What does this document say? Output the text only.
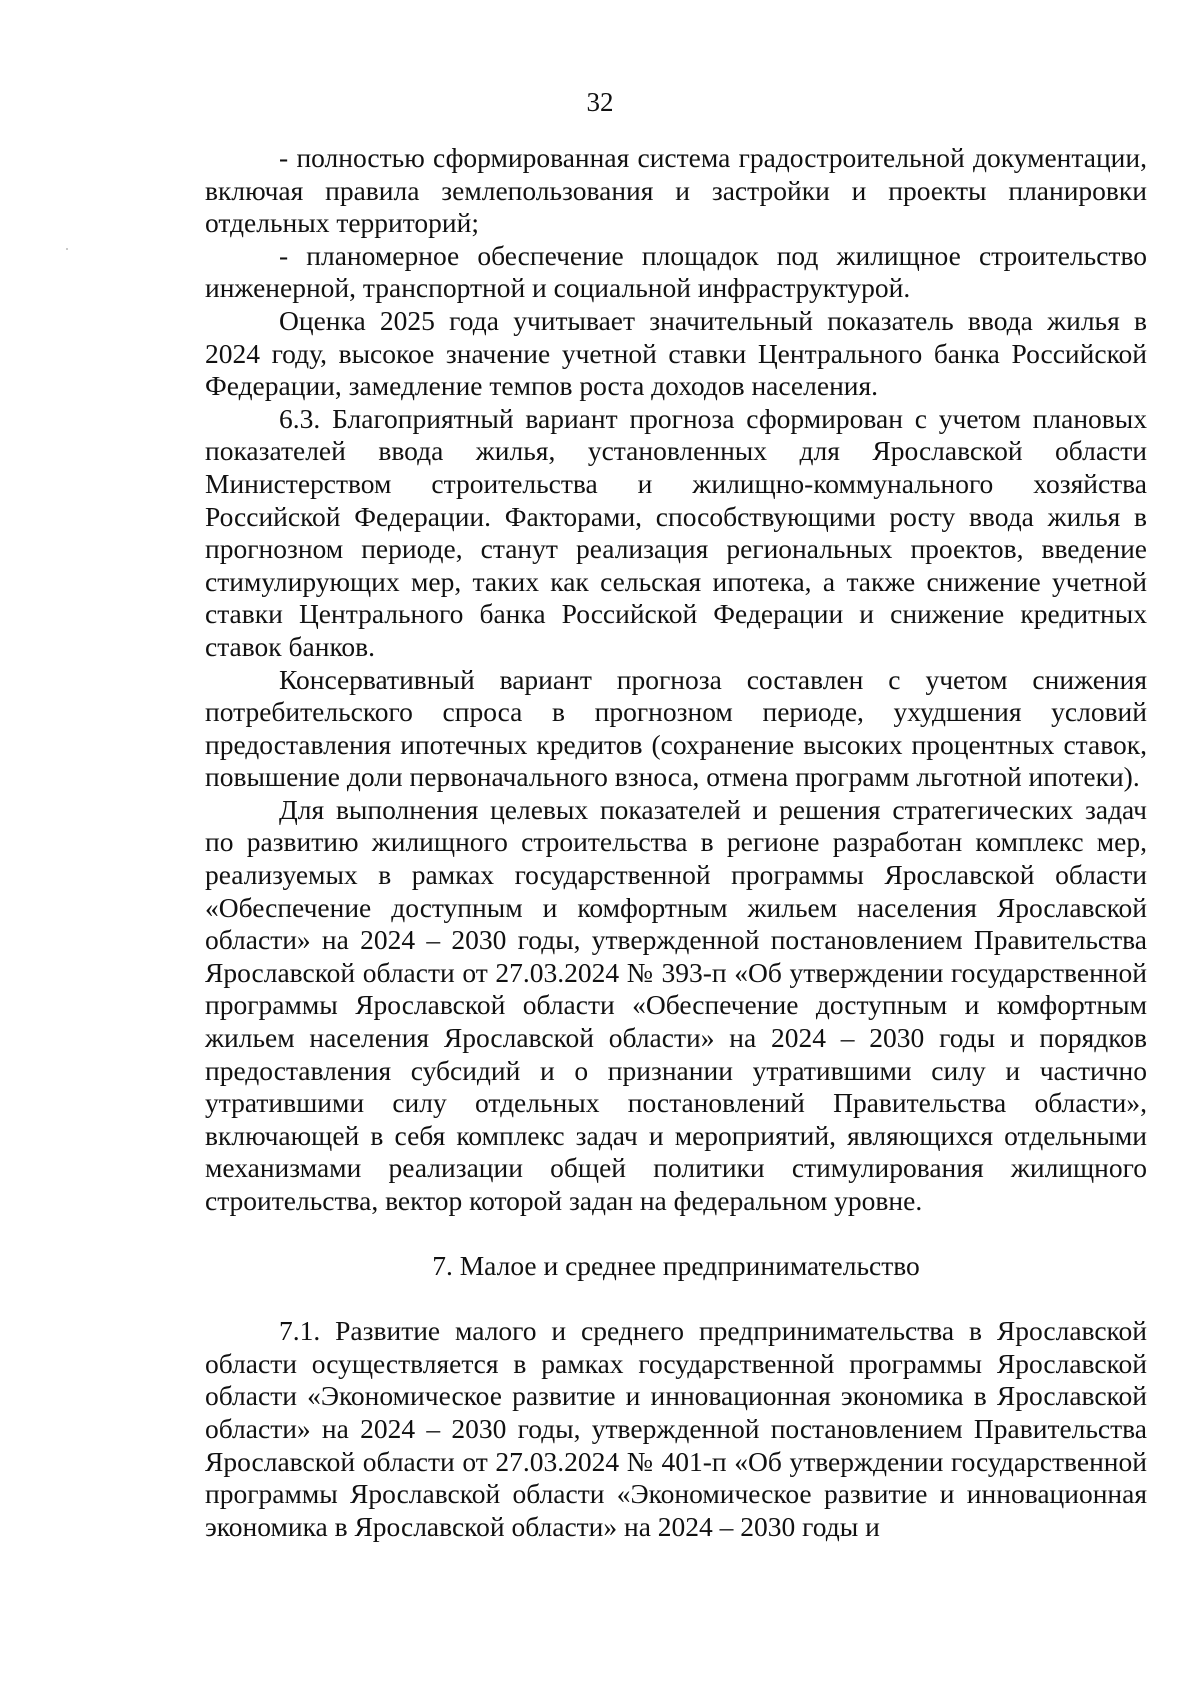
32

- полностью сформированная система градостроительной документации, включая правила землепользования и застройки и проекты планировки отдельных территорий;

- планомерное обеспечение площадок под жилищное строительство инженерной, транспортной и социальной инфраструктурой.

Оценка 2025 года учитывает значительный показатель ввода жилья в 2024 году, высокое значение учетной ставки Центрального банка Российской Федерации, замедление темпов роста доходов населения.

6.3. Благоприятный вариант прогноза сформирован с учетом плановых показателей ввода жилья, установленных для Ярославской области Министерством строительства и жилищно-коммунального хозяйства Российской Федерации. Факторами, способствующими росту ввода жилья в прогнозном периоде, станут реализация региональных проектов, введение стимулирующих мер, таких как сельская ипотека, а также снижение учетной ставки Центрального банка Российской Федерации и снижение кредитных ставок банков.

Консервативный вариант прогноза составлен с учетом снижения потребительского спроса в прогнозном периоде, ухудшения условий предоставления ипотечных кредитов (сохранение высоких процентных ставок, повышение доли первоначального взноса, отмена программ льготной ипотеки).

Для выполнения целевых показателей и решения стратегических задач по развитию жилищного строительства в регионе разработан комплекс мер, реализуемых в рамках государственной программы Ярославской области «Обеспечение доступным и комфортным жильем населения Ярославской области» на 2024 – 2030 годы, утвержденной постановлением Правительства Ярославской области от 27.03.2024 № 393-п «Об утверждении государственной программы Ярославской области «Обеспечение доступным и комфортным жильем населения Ярославской области» на 2024 – 2030 годы и порядков предоставления субсидий и о признании утратившими силу и частично утратившими силу отдельных постановлений Правительства области», включающей в себя комплекс задач и мероприятий, являющихся отдельными механизмами реализации общей политики стимулирования жилищного строительства, вектор которой задан на федеральном уровне.

7. Малое и среднее предпринимательство

7.1. Развитие малого и среднего предпринимательства в Ярославской области осуществляется в рамках государственной программы Ярославской области «Экономическое развитие и инновационная экономика в Ярославской области» на 2024 – 2030 годы, утвержденной постановлением Правительства Ярославской области от 27.03.2024 № 401-п «Об утверждении государственной программы Ярославской области «Экономическое развитие и инновационная экономика в Ярославской области» на 2024 – 2030 годы и
